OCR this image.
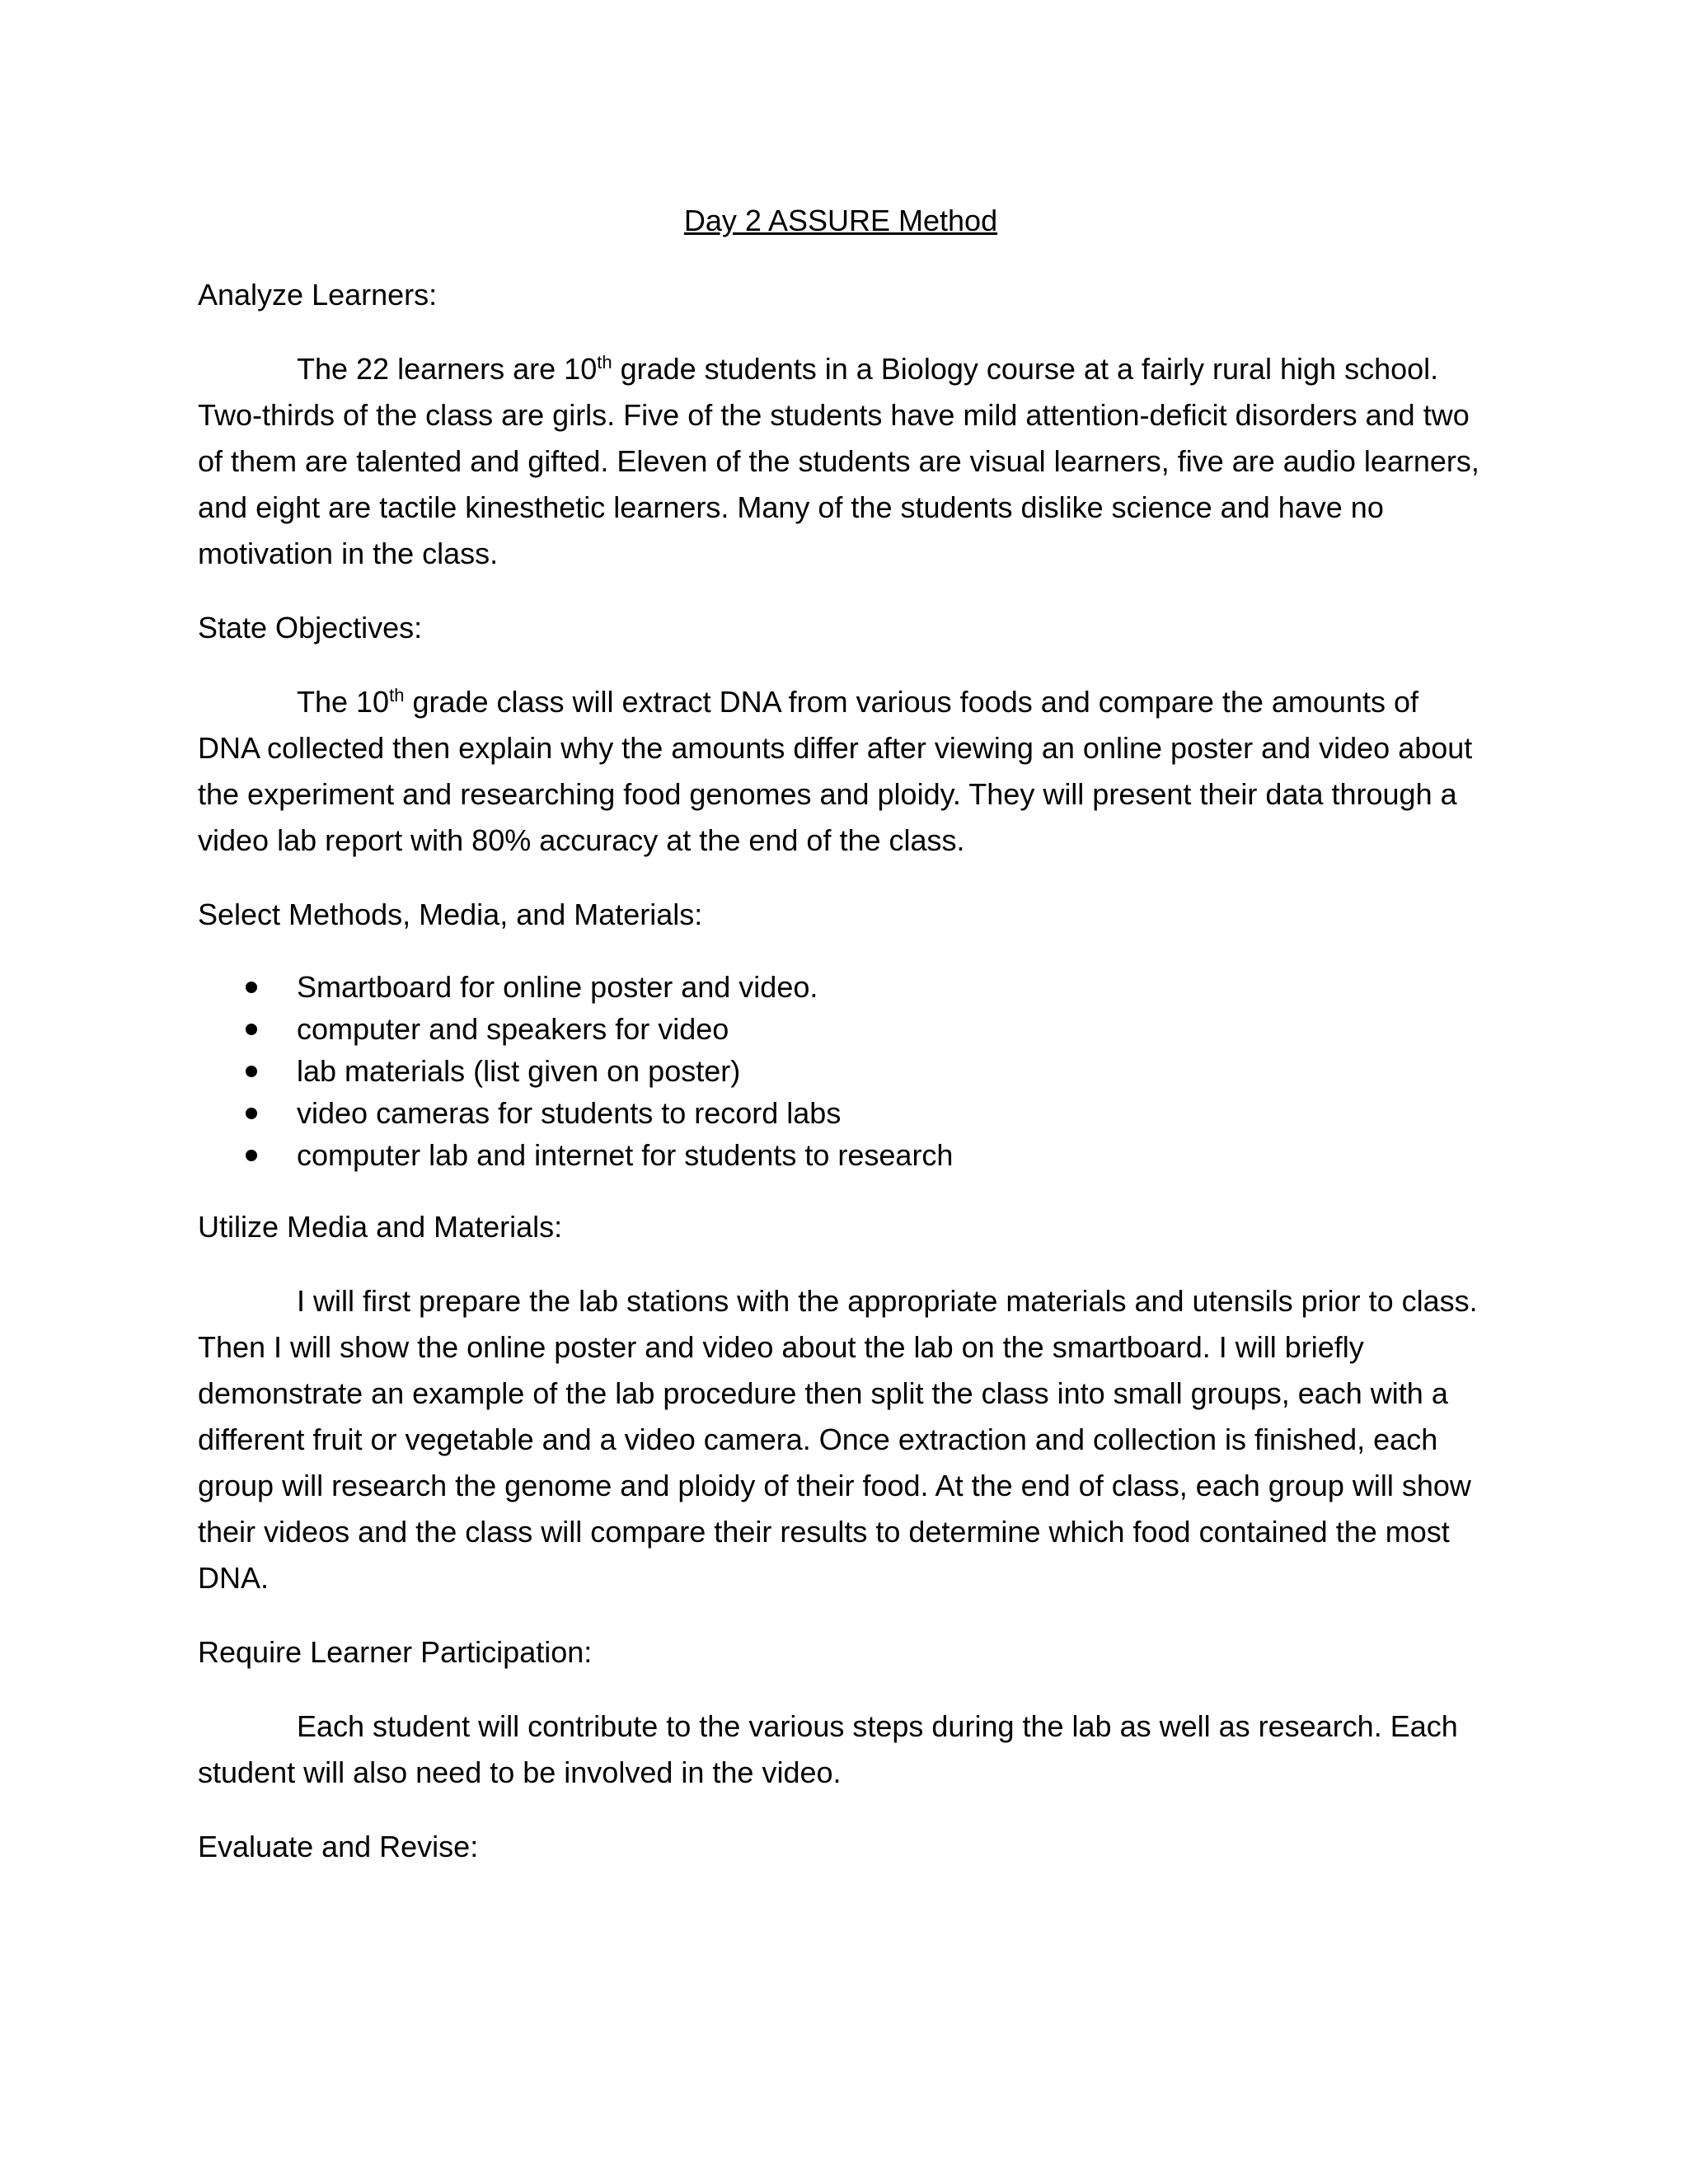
Day 2 ASSURE Method
Analyze Learners:

The 22 learners are 10th grade students in a Biology course at a fairly rural high school. Two-thirds of the class are girls. Five of the students have mild attention-deficit disorders and two of them are talented and gifted. Eleven of the students are visual learners, five are audio learners, and eight are tactile kinesthetic learners. Many of the students dislike science and have no motivation in the class.

State Objectives:

The 10th grade class will extract DNA from various foods and compare the amounts of DNA collected then explain why the amounts differ after viewing an online poster and video about the experiment and researching food genomes and ploidy. They will present their data through a video lab report with 80% accuracy at the end of the class.

Select Methods, Media, and Materials:
Smartboard for online poster and video.
computer and speakers for video
lab materials (list given on poster)
video cameras for students to record labs
computer lab and internet for students to research
Utilize Media and Materials:

I will first prepare the lab stations with the appropriate materials and utensils prior to class. Then I will show the online poster and video about the lab on the smartboard. I will briefly demonstrate an example of the lab procedure then split the class into small groups, each with a different fruit or vegetable and a video camera. Once extraction and collection is finished, each group will research the genome and ploidy of their food. At the end of class, each group will show their videos and the class will compare their results to determine which food contained the most DNA.

Require Learner Participation:

Each student will contribute to the various steps during the lab as well as research. Each student will also need to be involved in the video.

Evaluate and Revise:
